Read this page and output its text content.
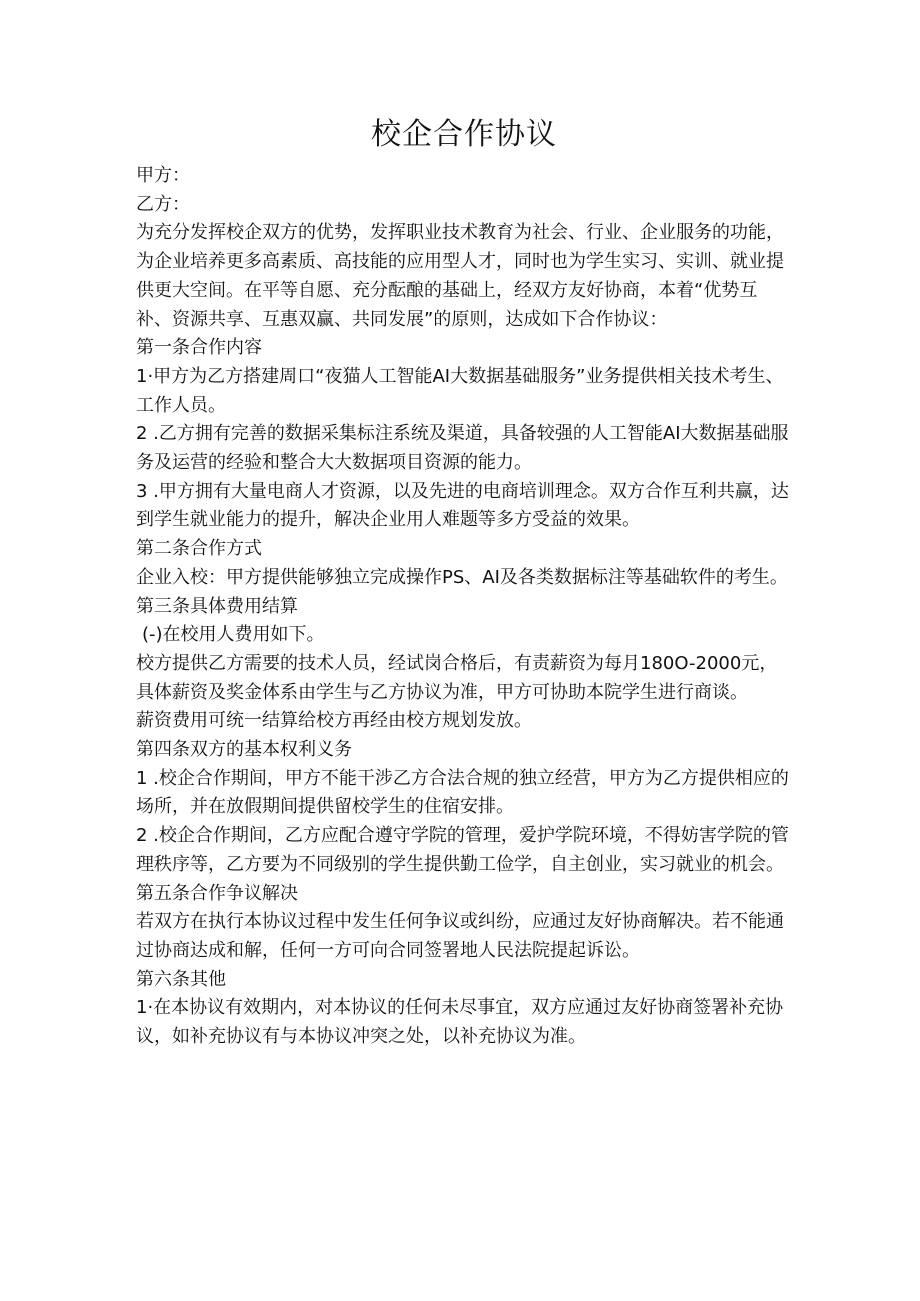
校企合作协议
甲方：
乙方：
为充分发挥校企双方的优势，发挥职业技术教育为社会、行业、企业服务的功能，为企业培养更多高素质、高技能的应用型人才，同时也为学生实习、实训、就业提供更大空间。在平等自愿、充分酝酿的基础上，经双方友好协商，本着“优势互补、资源共享、互惠双赢、共同发展”的原则，达成如下合作协议：
第一条合作内容
1·甲方为乙方搭建周口“夜猫人工智能AI大数据基础服务”业务提供相关技术考生、工作人员。
2 .乙方拥有完善的数据采集标注系统及渠道，具备较强的人工智能AI大数据基础服务及运营的经验和整合大大数据项目资源的能力。
3 .甲方拥有大量电商人才资源，以及先进的电商培训理念。双方合作互利共赢，达到学生就业能力的提升，解决企业用人难题等多方受益的效果。
第二条合作方式
企业入校：甲方提供能够独立完成操作PS、AI及各类数据标注等基础软件的考生。
第三条具体费用结算
(-)在校用人费用如下。
校方提供乙方需要的技术人员，经试岗合格后，有责薪资为每月180O-2000元，具体薪资及奖金体系由学生与乙方协议为准，甲方可协助本院学生进行商谈。
薪资费用可统一结算给校方再经由校方规划发放。
第四条双方的基本权利义务
1 .校企合作期间，甲方不能干涉乙方合法合规的独立经营，甲方为乙方提供相应的场所，并在放假期间提供留校学生的住宿安排。
2 .校企合作期间，乙方应配合遵守学院的管理，爱护学院环境，不得妨害学院的管理秩序等，乙方要为不同级别的学生提供勤工俭学，自主创业，实习就业的机会。
第五条合作争议解决
若双方在执行本协议过程中发生任何争议或纠纷，应通过友好协商解决。若不能通过协商达成和解，任何一方可向合同签署地人民法院提起诉讼。
第六条其他
1·在本协议有效期内，对本协议的任何未尽事宜，双方应通过友好协商签署补充协议，如补充协议有与本协议冲突之处，以补充协议为准。
